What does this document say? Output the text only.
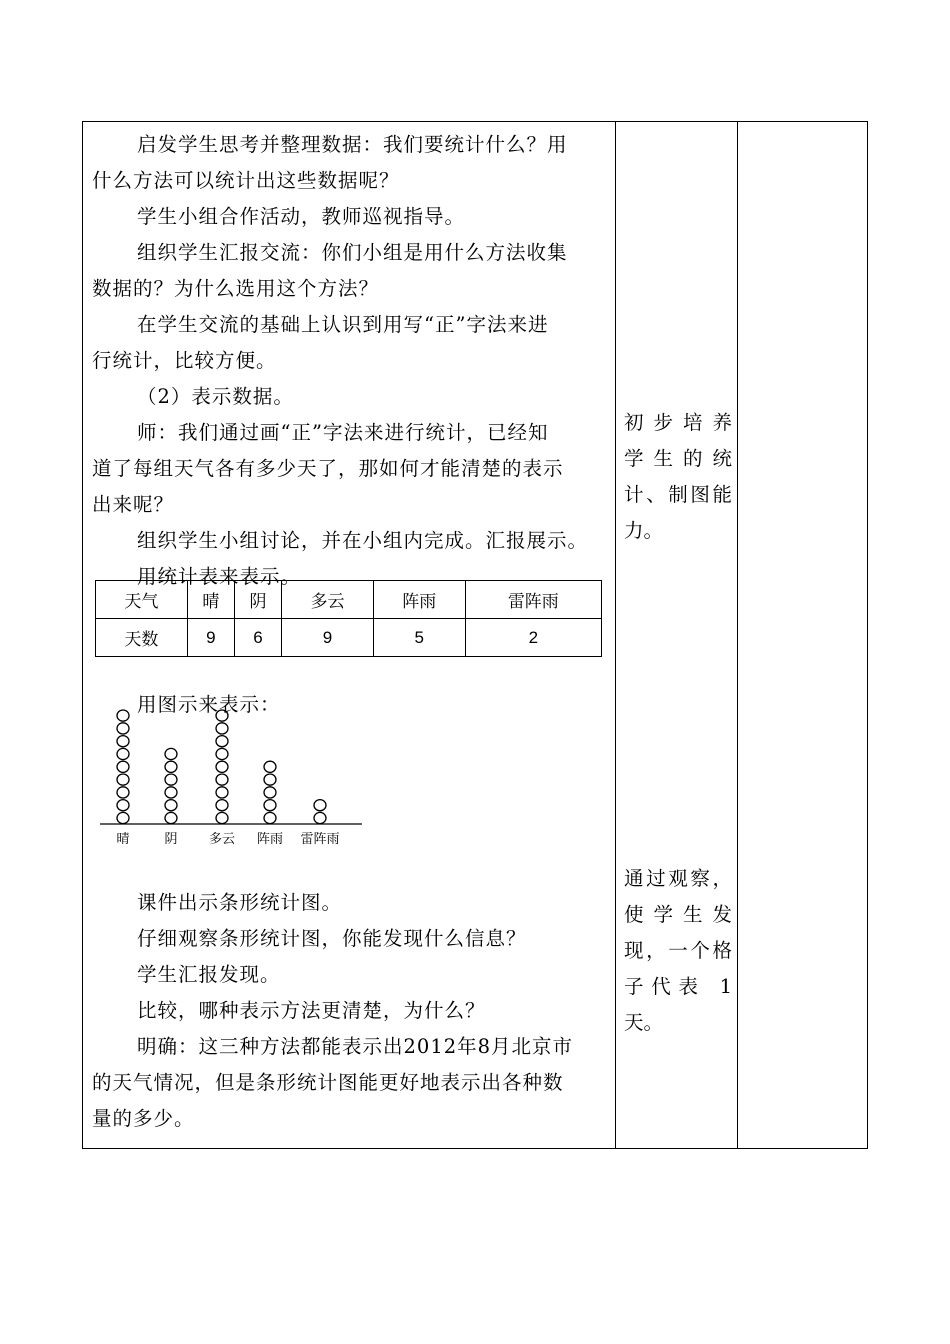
启发学生思考并整理数据：我们要统计什么？用

什么方法可以统计出这些数据呢？

学生小组合作活动，教师巡视指导。

组织学生汇报交流：你们小组是用什么方法收集

数据的？为什么选用这个方法？

在学生交流的基础上认识到用写“正”字法来进

行统计，比较方便。

（2）表示数据。

师：我们通过画“正”字法来进行统计，已经知

道了每组天气各有多少天了，那如何才能清楚的表示

出来呢？

组织学生小组讨论，并在小组内完成。汇报展示。

用统计表来表示。

用图示来表示：

课件出示条形统计图。

仔细观察条形统计图，你能发现什么信息？

学生汇报发现。

比较，哪种表示方法更清楚，为什么？

明确：这三种方法都能表示出2012年8月北京市

的天气情况，但是条形统计图能更好地表示出各种数

量的多少。

天气	晴	阴	多云	阵雨	雷阵雨
天数	9	6	9	5	2
晴	阴 多云 阵雨 雷阵雨
初步培养
学生的统
计、制图能
力。
通过观察，
使学生发
现，一个格
子代表 1
天。
